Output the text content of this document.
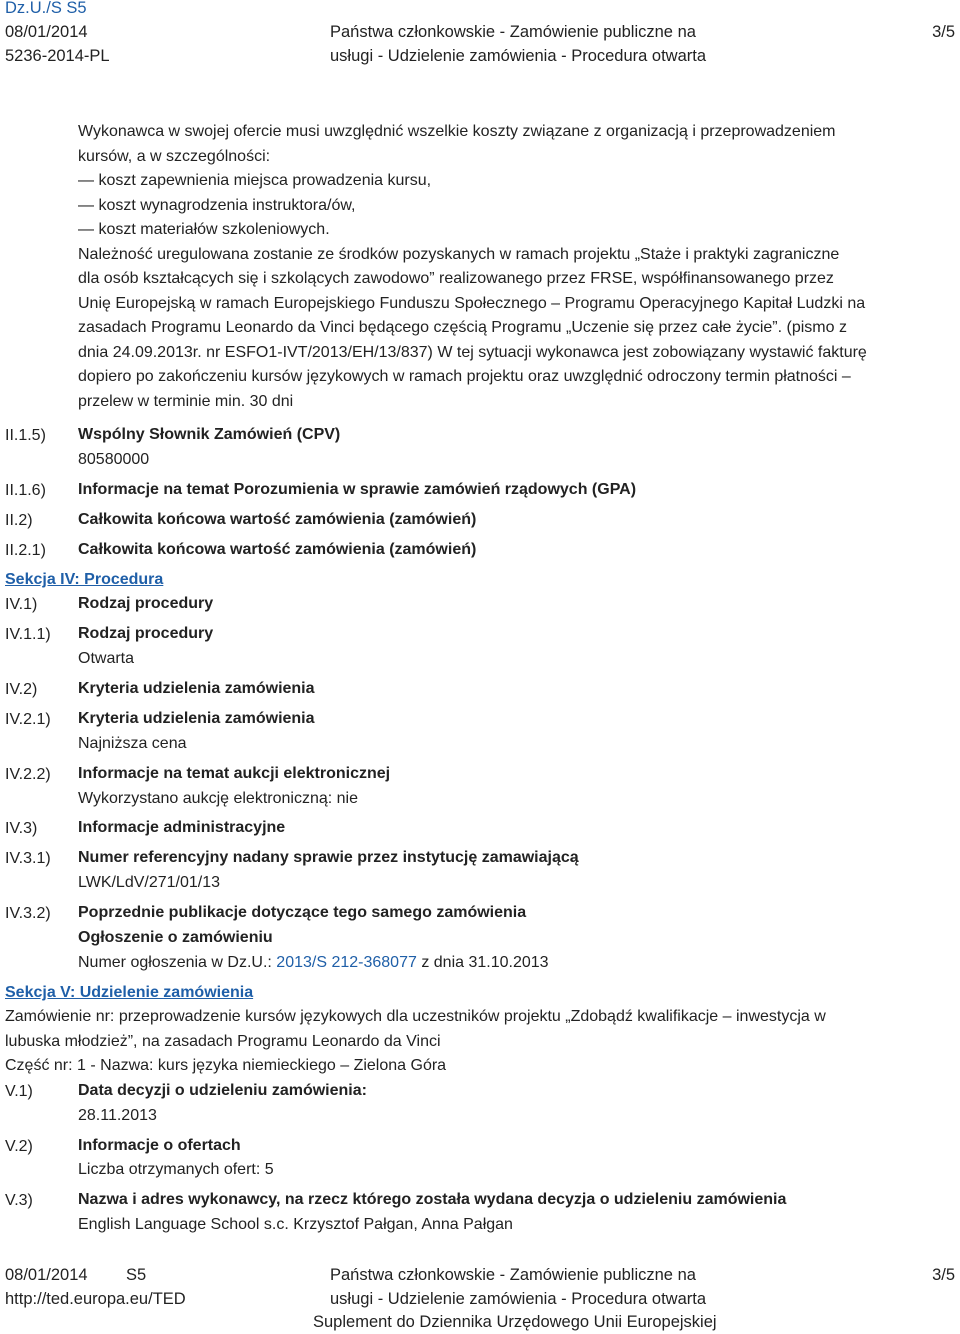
Dz.U./S S5
08/01/2014
5236-2014-PL
Państwa członkowskie - Zamówienie publiczne na
usługi - Udzielenie zamówienia - Procedura otwarta
3/5
Wykonawca w swojej ofercie musi uwzględnić wszelkie koszty związane z organizacją i przeprowadzeniem
kursów, a w szczególności:
— koszt zapewnienia miejsca prowadzenia kursu,
— koszt wynagrodzenia instruktora/ów,
— koszt materiałów szkoleniowych.
Należność uregulowana zostanie ze środków pozyskanych w ramach projektu „Staże i praktyki zagraniczne
dla osób kształcących się i szkolących zawodowo” realizowanego przez FRSE, współfinansowanego przez
Unię Europejską w ramach Europejskiego Funduszu Społecznego – Programu Operacyjnego Kapitał Ludzki na
zasadach Programu Leonardo da Vinci będącego częścią Programu „Uczenie się przez całe życie”. (pismo z
dnia 24.09.2013r. nr ESFO1-IVT/2013/EH/13/837) W tej sytuacji wykonawca jest zobowiązany wystawić fakturę
dopiero po zakończeniu kursów językowych w ramach projektu oraz uwzględnić odroczony termin płatności –
przelew w terminie min. 30 dni
II.1.5) Wspólny Słownik Zamówień (CPV)
80580000
II.1.6) Informacje na temat Porozumienia w sprawie zamówień rządowych (GPA)
II.2)	Całkowita końcowa wartość zamówienia (zamówień)
II.2.1) Całkowita końcowa wartość zamówienia (zamówień)
Sekcja IV: Procedura
IV.1)	Rodzaj procedury
IV.1.1) Rodzaj procedury
Otwarta
IV.2)	Kryteria udzielenia zamówienia
IV.2.1) Kryteria udzielenia zamówienia
Najniższa cena
IV.2.2) Informacje na temat aukcji elektronicznej
Wykorzystano aukcję elektroniczną: nie
IV.3)	Informacje administracyjne
IV.3.1) Numer referencyjny nadany sprawie przez instytucję zamawiającą
LWK/LdV/271/01/13
IV.3.2) Poprzednie publikacje dotyczące tego samego zamówienia
Ogłoszenie o zamówieniu
Numer ogłoszenia w Dz.U.: 2013/S 212-368077 z dnia 31.10.2013
Sekcja V: Udzielenie zamówienia
Zamówienie nr: przeprowadzenie kursów językowych dla uczestników projektu „Zdobądź kwalifikacje – inwestycja w
lubuska młodzież”, na zasadach Programu Leonardo da Vinci
Część nr: 1 - Nazwa: kurs języka niemieckiego – Zielona Góra
V.1)	Data decyzji o udzieleniu zamówienia:
28.11.2013
V.2)	Informacje o ofertach
Liczba otrzymanych ofert: 5
V.3)	Nazwa i adres wykonawcy, na rzecz którego została wydana decyzja o udzieleniu zamówienia
English Language School s.c. Krzysztof Pałgan, Anna Pałgan
08/01/2014 S5
http://ted.europa.eu/TED
Państwa członkowskie - Zamówienie publiczne na
usługi - Udzielenie zamówienia - Procedura otwarta
Suplement do Dziennika Urzędowego Unii Europejskiej
3/5
